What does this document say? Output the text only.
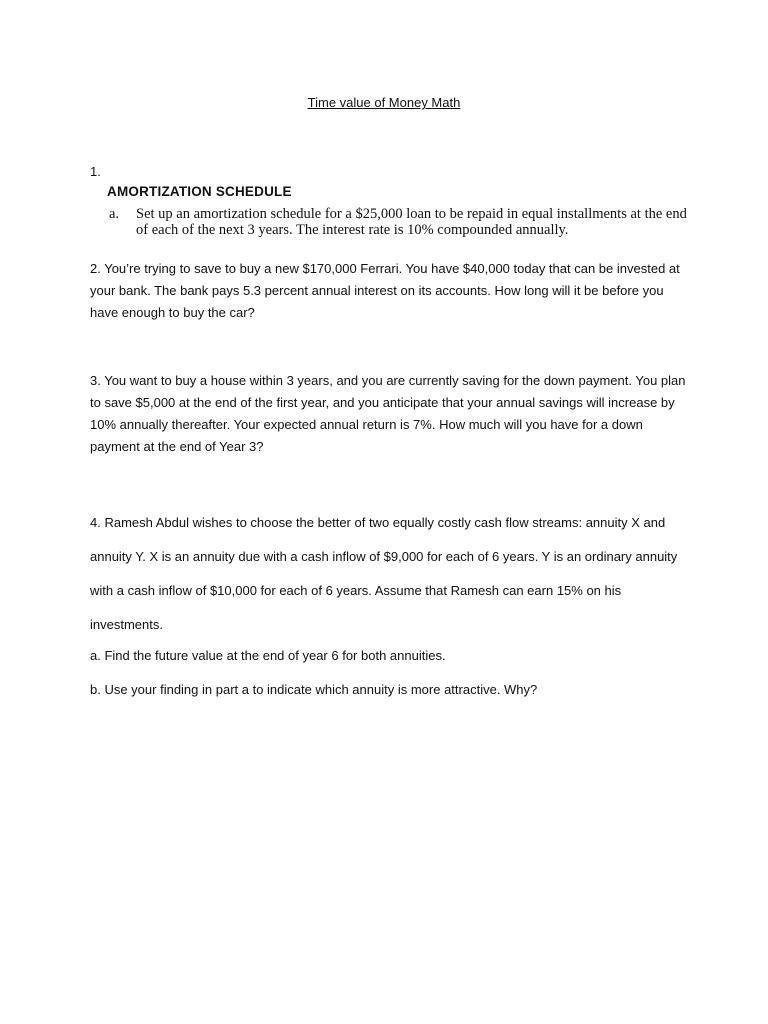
Time value of Money Math
1.
AMORTIZATION SCHEDULE
a. Set up an amortization schedule for a $25,000 loan to be repaid in equal installments at the end of each of the next 3 years. The interest rate is 10% compounded annually.
2. You’re trying to save to buy a new $170,000 Ferrari. You have $40,000 today that can be invested at your bank. The bank pays 5.3 percent annual interest on its accounts. How long will it be before you have enough to buy the car?
3. You want to buy a house within 3 years, and you are currently saving for the down payment. You plan to save $5,000 at the end of the first year, and you anticipate that your annual savings will increase by 10% annually thereafter. Your expected annual return is 7%. How much will you have for a down payment at the end of Year 3?
4. Ramesh Abdul wishes to choose the better of two equally costly cash flow streams: annuity X and annuity Y. X is an annuity due with a cash inflow of $9,000 for each of 6 years. Y is an ordinary annuity with a cash inflow of $10,000 for each of 6 years. Assume that Ramesh can earn 15% on his investments.
a. Find the future value at the end of year 6 for both annuities.
b. Use your finding in part a to indicate which annuity is more attractive. Why?
